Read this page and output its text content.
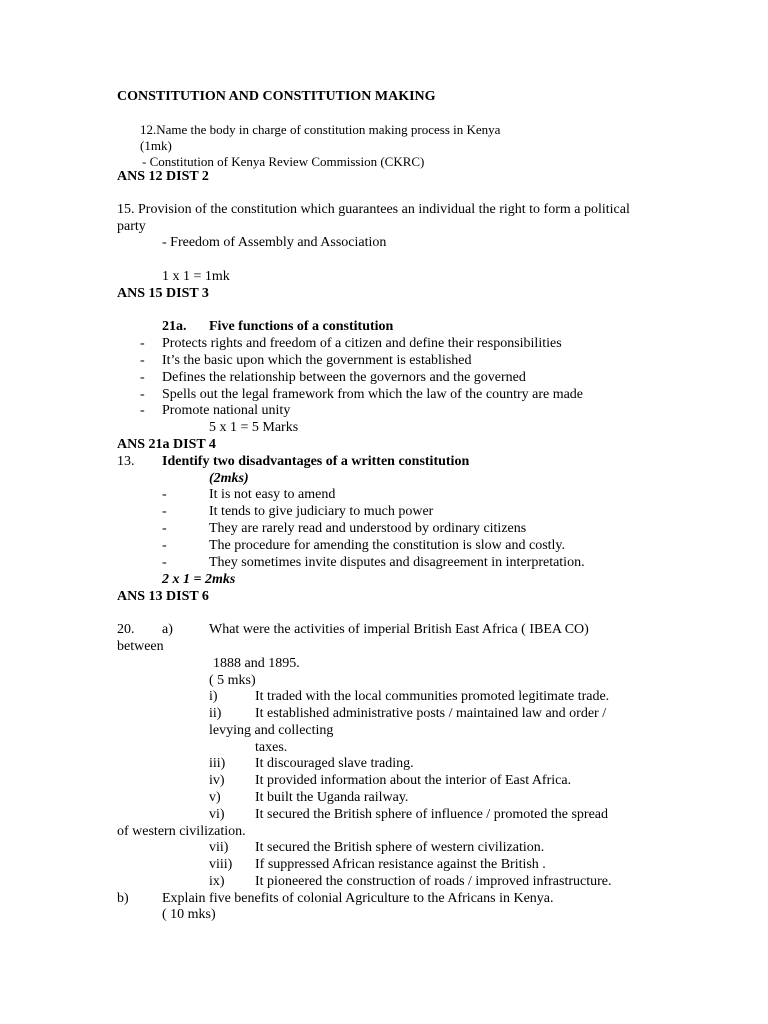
CONSTITUTION AND CONSTITUTION MAKING
12.Name the body in charge of constitution making process in Kenya
(1mk)
- Constitution of Kenya Review Commission (CKRC)
ANS 12 DIST 2
15. Provision of the constitution which guarantees an individual the right to form a political
party
- Freedom of Assembly and Association
1 x 1 = 1mk
ANS 15 DIST 3
21a. Five functions of a constitution
- Protects rights and freedom of a citizen and define their responsibilities
- It’s the basic upon which the government is established
- Defines the relationship between the governors and the governed
- Spells out the legal framework from which the law of the country are made
- Promote national unity
5 x 1 = 5 Marks
ANS 21a DIST 4
13. Identify two disadvantages of a written constitution
(2mks)
-	It is not easy to amend
-	It tends to give judiciary to much power
-	They are rarely read and understood by ordinary citizens
-	The procedure for amending the constitution is slow and costly.
-	They sometimes invite disputes and disagreement in interpretation.
2 x 1 = 2mks
ANS 13 DIST 6
20. a)	What were the activities of imperial British East Africa ( IBEA CO)
between
1888 and 1895.
( 5 mks)
i)	It traded with the local communities promoted legitimate trade.
ii) It established administrative posts / maintained law and order /
levying and collecting
taxes.
iii) It discouraged slave trading.
iv) It provided information about the interior of East Africa.
v) It built the Uganda railway.
vi) It secured the British sphere of influence / promoted the spread
of western civilization.
vii) It secured the British sphere of western civilization.
viii) If suppressed African resistance against the British .
ix) It pioneered the construction of roads / improved infrastructure.
b) Explain five benefits of colonial Agriculture to the Africans in Kenya.
( 10 mks)
